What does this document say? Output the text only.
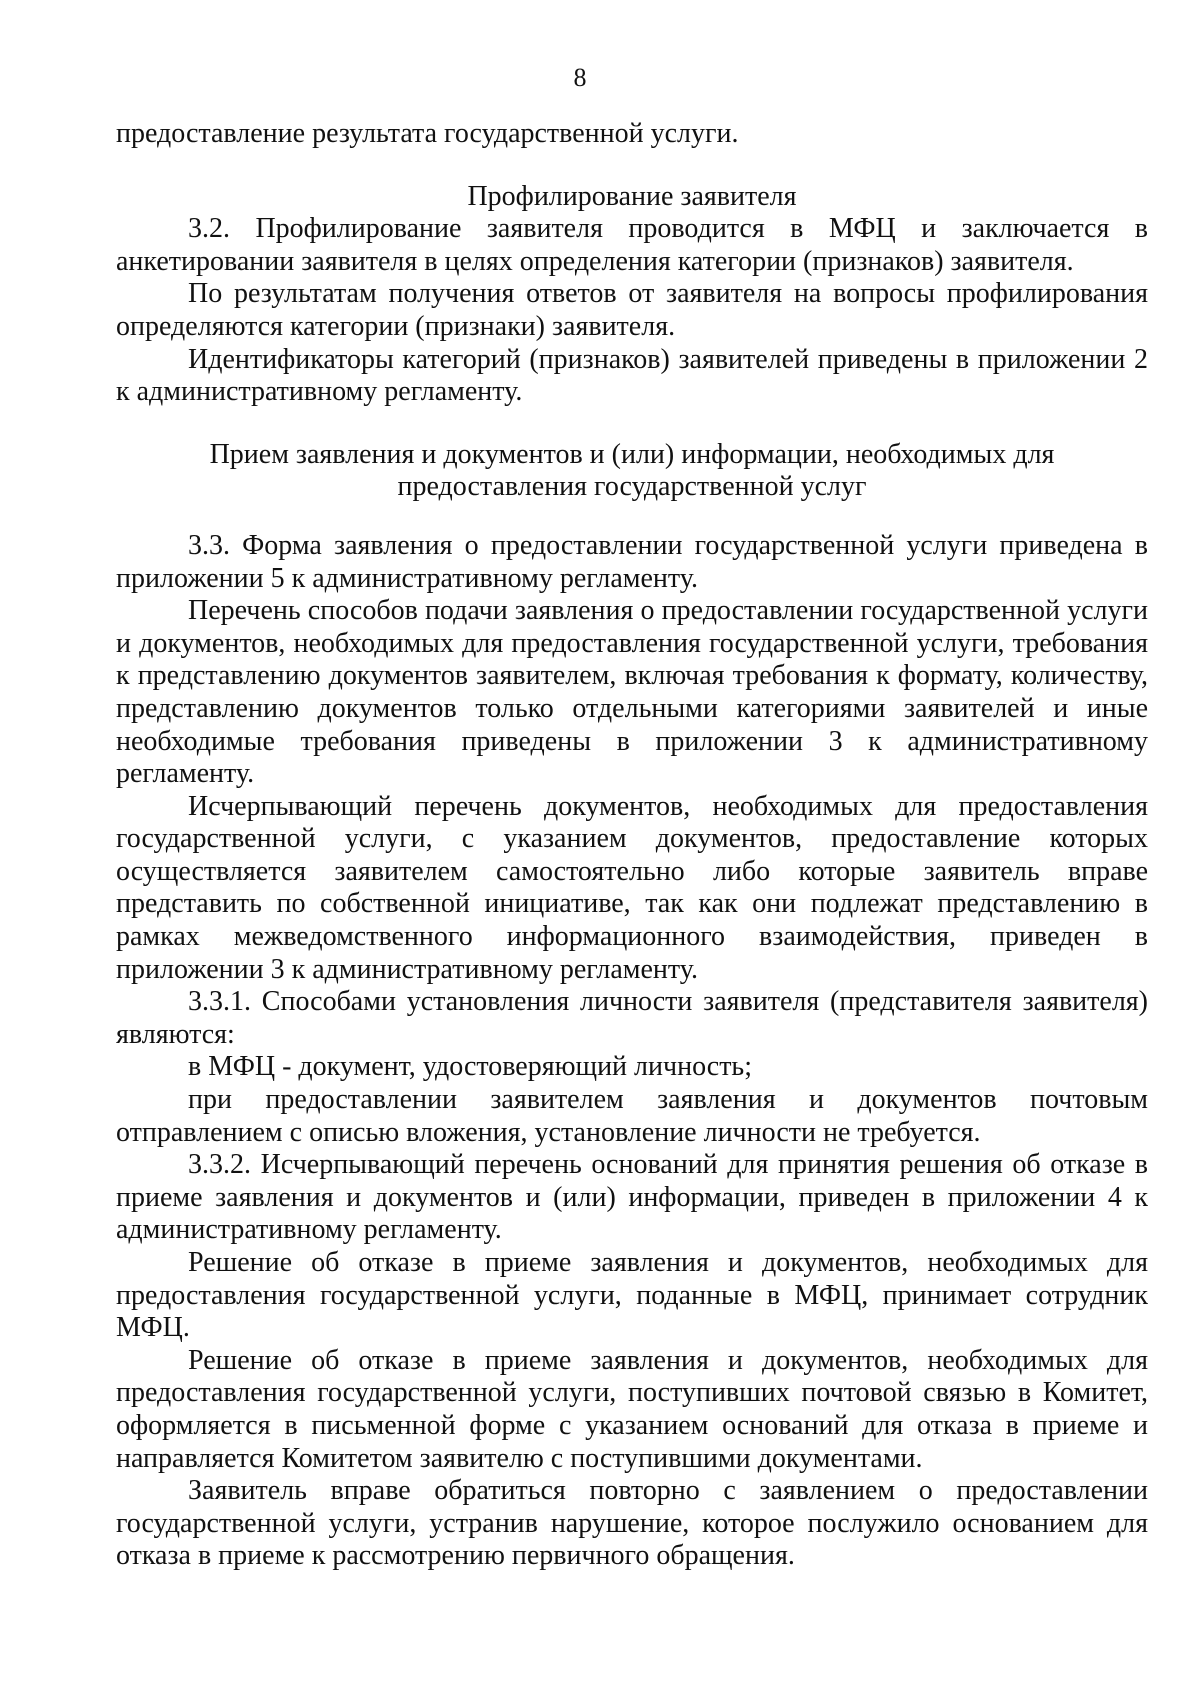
8

предоставление результата государственной услуги.

Профилирование заявителя

3.2. Профилирование заявителя проводится в МФЦ и заключается в анкетировании заявителя в целях определения категории (признаков) заявителя.

По результатам получения ответов от заявителя на вопросы профилирования определяются категории (признаки) заявителя.

Идентификаторы категорий (признаков) заявителей приведены в приложении 2 к административному регламенту.

Прием заявления и документов и (или) информации, необходимых для предоставления государственной услуг

3.3. Форма заявления о предоставлении государственной услуги приведена в приложении 5 к административному регламенту.

Перечень способов подачи заявления о предоставлении государственной услуги и документов, необходимых для предоставления государственной услуги, требования к представлению документов заявителем, включая требования к формату, количеству, представлению документов только отдельными категориями заявителей и иные необходимые требования приведены в приложении 3 к административному регламенту.

Исчерпывающий перечень документов, необходимых для предоставления государственной услуги, с указанием документов, предоставление которых осуществляется заявителем самостоятельно либо которые заявитель вправе представить по собственной инициативе, так как они подлежат представлению в рамках межведомственного информационного взаимодействия, приведен в приложении 3 к административному регламенту.

3.3.1. Способами установления личности заявителя (представителя заявителя) являются:

в МФЦ - документ, удостоверяющий личность;

при предоставлении заявителем заявления и документов почтовым отправлением с описью вложения, установление личности не требуется.

3.3.2. Исчерпывающий перечень оснований для принятия решения об отказе в приеме заявления и документов и (или) информации, приведен в приложении 4 к административному регламенту.

Решение об отказе в приеме заявления и документов, необходимых для предоставления государственной услуги, поданные в МФЦ, принимает сотрудник МФЦ.

Решение об отказе в приеме заявления и документов, необходимых для предоставления государственной услуги, поступивших почтовой связью в Комитет, оформляется в письменной форме с указанием оснований для отказа в приеме и направляется Комитетом заявителю с поступившими документами.

Заявитель вправе обратиться повторно с заявлением о предоставлении государственной услуги, устранив нарушение, которое послужило основанием для отказа в приеме к рассмотрению первичного обращения.
